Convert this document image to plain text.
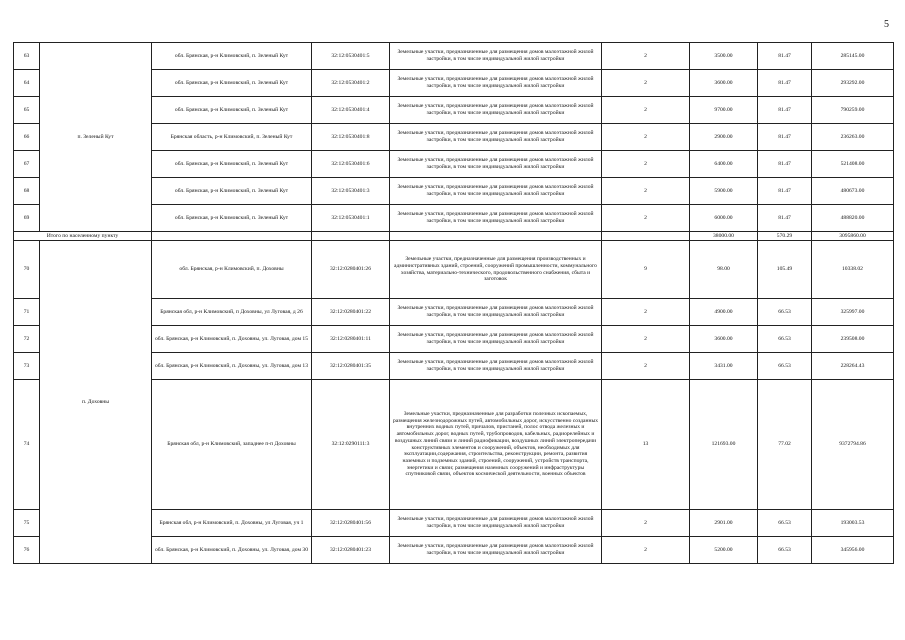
5
63	п. Зеленый Кут	обл. Брянская, р-н Климовский, п. Зеленый Кут	32:12:0530401:5	Земельные участки, предназначенные для размещения домов малоэтажной жилой застройки, в том числе индивидуальной жилой застройки	2	3500.00	81.47	285145.00
64		обл. Брянская, р-н Климовский, п. Зеленый Кут	32:12:0530401:2	Земельные участки, предназначенные для размещения домов малоэтажной жилой застройки, в том числе индивидуальной жилой застройки	2	3600.00	81.47	293292.00
65		обл. Брянская, р-н Климовский, п. Зеленый Кут	32:12:0530401:4	Земельные участки, предназначенные для размещения домов малоэтажной жилой застройки, в том числе индивидуальной жилой застройки	2	9700.00	81.47	790259.00
66		Брянская область, р-н Климовский, п. Зеленый Кут	32:12:0530401:8	Земельные участки, предназначенные для размещения домов малоэтажной жилой застройки, в том числе индивидуальной жилой застройки	2	2900.00	81.47	236263.00
67		обл. Брянская, р-н Климовский, п. Зеленый Кут	32:12:0530401:6	Земельные участки, предназначенные для размещения домов малоэтажной жилой застройки, в том числе индивидуальной жилой застройки	2	6400.00	81.47	521408.00
68		обл. Брянская, р-н Климовский, п. Зеленый Кут	32:12:0530401:3	Земельные участки, предназначенные для размещения домов малоэтажной жилой застройки, в том числе индивидуальной жилой застройки	2	5900.00	81.47	480673.00
69		обл. Брянская, р-н Климовский, п. Зеленый Кут	32:12:0530401:1	Земельные участки, предназначенные для размещения домов малоэтажной жилой застройки, в том числе индивидуальной жилой застройки	2	6000.00	81.47	488820.00
Итого по населенному пункту						38000.00	570.29	3095860.00
70	п. Доховны	обл. Брянская, р-н Климовский, п. Доховны	32:12:0280401:26	Земельные участки, предназначенные для размещения производственных и административных зданий, строений, сооружений промышленности, коммунального хозяйства, материально-технического, продовольственного снабжения, сбыта и заготовок	9	98.00	105.49	10338.02
71		Брянская обл, р-н Климовский, п Доховны, ул Луговая, д 26	32:12:0280401:22	Земельные участки, предназначенные для размещения домов малоэтажной жилой застройки, в том числе индивидуальной жилой застройки	2	4900.00	66.53	325997.00
72		обл. Брянская, р-н Климовский, п. Доховны, ул. Луговая, дом 15	32:12:0280401:11	Земельные участки, предназначенные для размещения домов малоэтажной жилой застройки, в том числе индивидуальной жилой застройки	2	3600.00	66.53	239508.00
73		обл. Брянская, р-н Климовский, п. Доховны, ул. Луговая, дом 13	32:12:0280401:35	Земельные участки, предназначенные для размещения домов малоэтажной жилой застройки, в том числе индивидуальной жилой застройки	2	3431.00	66.53	228264.43
74		Брянская обл, р-н Климовский, западнее п-п Доховны	32:12:0290111:3	Земельные участки, предназначенные для разработки полезных ископаемых, размещения железнодорожных путей, автомобильных дорог, искусственно созданных внутренних водных путей, причалов, пристаней, полос отвода железных и автомобильных дорог, водных путей, трубопроводов, кабельных, радиорелейных и воздушных линий связи и линий радиофикации, воздушных линий электропередачи конструктивных элементов и сооружений, объектов, необходимых для эксплуатации,содержания, строительства, реконструкции, ремонта, развития наземных и подземных зданий, строений, сооружений, устройств транспорта, энергетики и связи; размещения наземных сооружений и инфраструктуры спутниковой связи, объектов космической деятельности, военных объектов	13	121693.00	77.02	9372794.86
75		Брянская обл, р-н Климовский, п. Доховны, ул Луговая, уч 1	32:12:0280401:56	Земельные участки, предназначенные для размещения домов малоэтажной жилой застройки, в том числе индивидуальной жилой застройки	2	2901.00	66.53	193003.53
76		обл. Брянская, р-н Климовский, п. Доховны, ул. Луговая, дом 30	32:12:0280401:23	Земельные участки, предназначенные для размещения домов малоэтажной жилой застройки, в том числе индивидуальной жилой застройки	2	5200.00	66.53	345956.00
